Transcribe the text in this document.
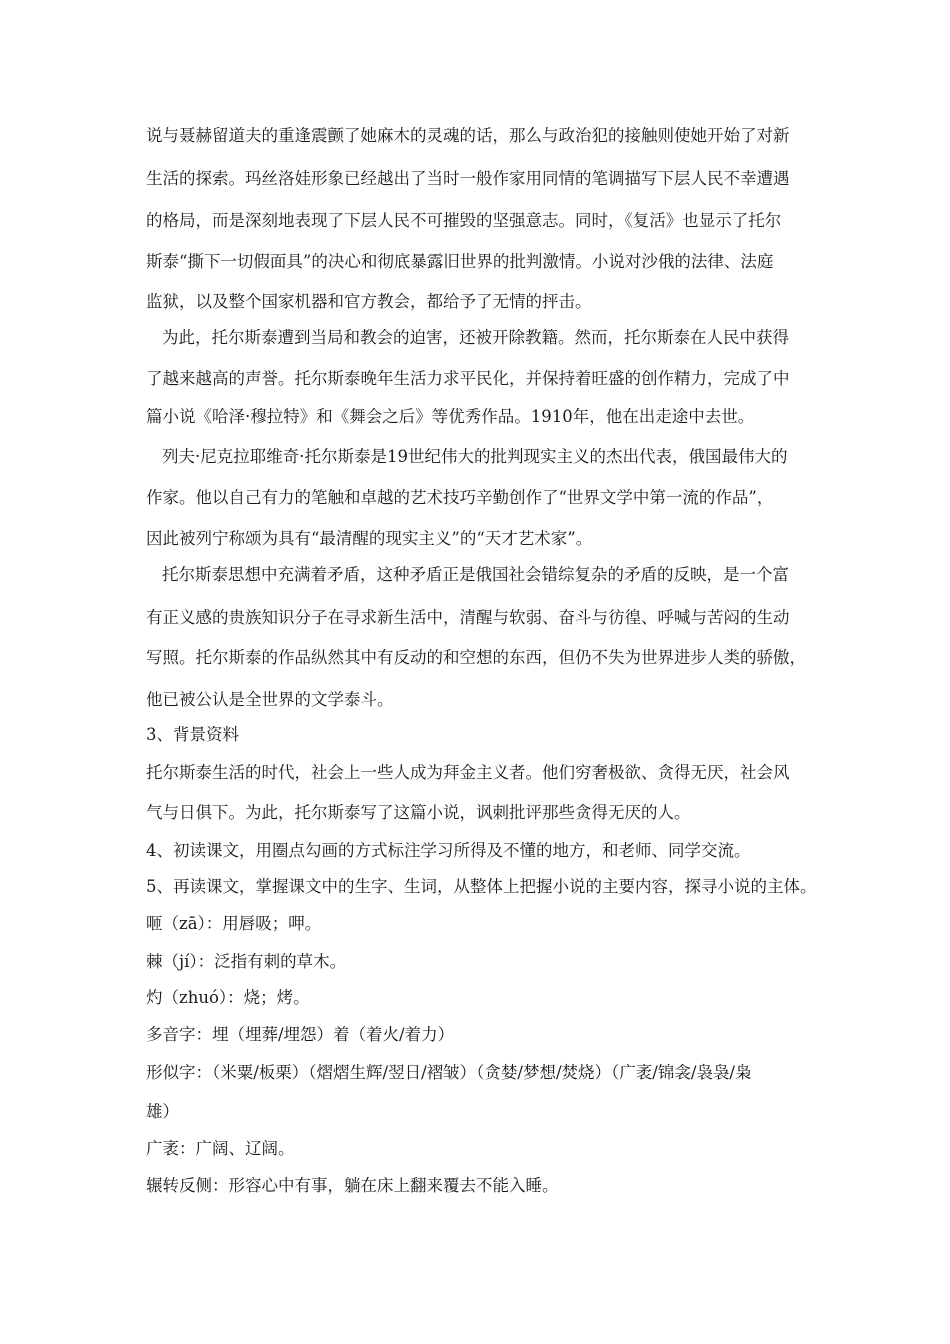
说与聂赫留道夫的重逢震颤了她麻木的灵魂的话，那么与政治犯的接触则使她开始了对新
生活的探索。玛丝洛娃形象已经越出了当时一般作家用同情的笔调描写下层人民不幸遭遇
的格局，而是深刻地表现了下层人民不可摧毁的坚强意志。同时，《复活》也显示了托尔
斯泰“撕下一切假面具”的决心和彻底暴露旧世界的批判激情。小说对沙俄的法律、法庭
监狱，以及整个国家机器和官方教会，都给予了无情的抨击。
为此，托尔斯泰遭到当局和教会的迫害，还被开除教籍。然而，托尔斯泰在人民中获得
了越来越高的声誉。托尔斯泰晚年生活力求平民化，并保持着旺盛的创作精力，完成了中
篇小说《哈泽·穆拉特》和《舞会之后》等优秀作品。1910年，他在出走途中去世。
列夫·尼克拉耶维奇·托尔斯泰是19世纪伟大的批判现实主义的杰出代表，俄国最伟大的
作家。他以自己有力的笔触和卓越的艺术技巧辛勤创作了“世界文学中第一流的作品”，
因此被列宁称颂为具有“最清醒的现实主义”的“天才艺术家”。
托尔斯泰思想中充满着矛盾，这种矛盾正是俄国社会错综复杂的矛盾的反映，是一个富
有正义感的贵族知识分子在寻求新生活中，清醒与软弱、奋斗与彷徨、呼喊与苦闷的生动
写照。托尔斯泰的作品纵然其中有反动的和空想的东西，但仍不失为世界进步人类的骄傲，
他已被公认是全世界的文学泰斗。
3、背景资料
托尔斯泰生活的时代，社会上一些人成为拜金主义者。他们穷奢极欲、贪得无厌，社会风
气与日俱下。为此，托尔斯泰写了这篇小说，讽刺批评那些贪得无厌的人。
4、初读课文，用圈点勾画的方式标注学习所得及不懂的地方，和老师、同学交流。
5、再读课文，掌握课文中的生字、生词，从整体上把握小说的主要内容，探寻小说的主体。
咂（zā）：用唇吸；呷。
棘（jí）：泛指有刺的草木。
灼（zhuó）：烧；烤。
多音字：埋（埋葬/埋怨）着（着火/着力）
形似字：（米粟/板栗）（熠熠生辉/翌日/褶皱）（贪婪/梦想/焚烧）（广袤/锦衾/袅袅/枭
雄）
广袤：广阔、辽阔。
辗转反侧：形容心中有事，躺在床上翻来覆去不能入睡。
